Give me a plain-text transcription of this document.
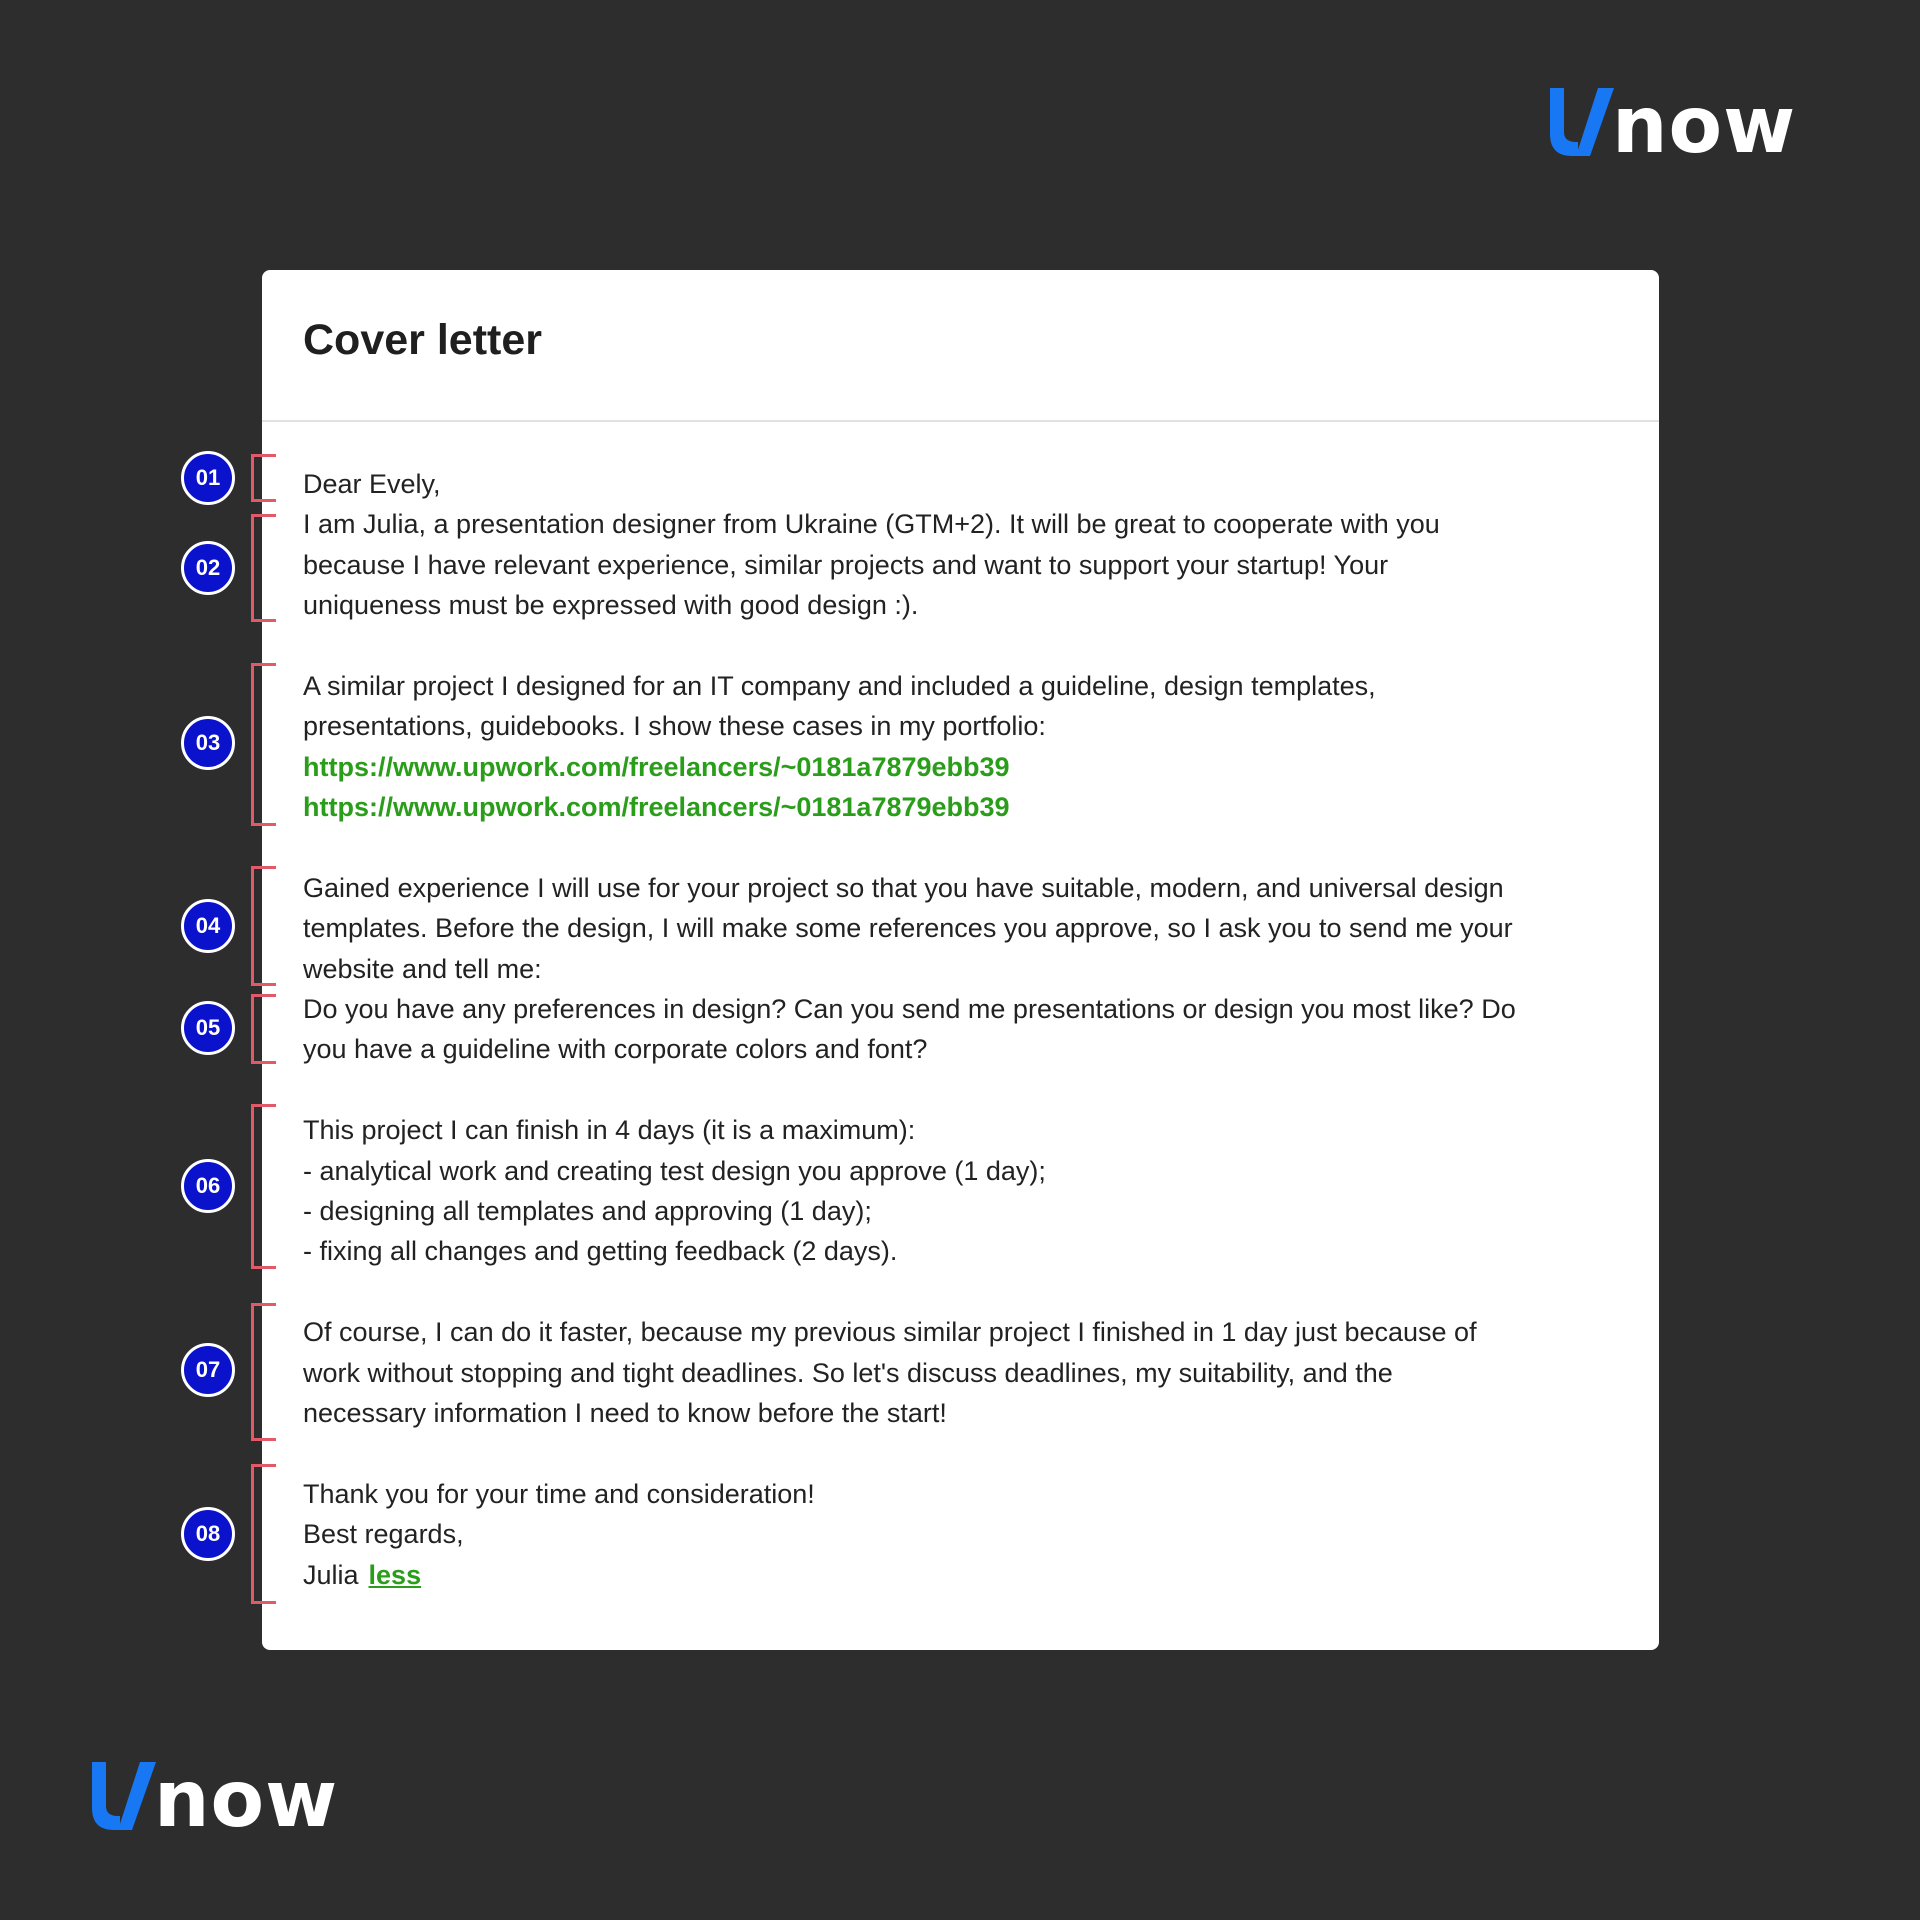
now
Cover letter
Dear Evely,
I am Julia, a presentation designer from Ukraine (GTM+2). It will be great to cooperate with you
because I have relevant experience, similar projects and want to support your startup! Your
uniqueness must be expressed with good design :).
A similar project I designed for an IT company and included a guideline, design templates,
presentations, guidebooks. I show these cases in my portfolio:
https://www.upwork.com/freelancers/~0181a7879ebb39
https://www.upwork.com/freelancers/~0181a7879ebb39
Gained experience I will use for your project so that you have suitable, modern, and universal design
templates. Before the design, I will make some references you approve, so I ask you to send me your
website and tell me:
Do you have any preferences in design? Can you send me presentations or design you most like? Do
you have a guideline with corporate colors and font?
This project I can finish in 4 days (it is a maximum):
- analytical work and creating test design you approve (1 day);
- designing all templates and approving (1 day);
- fixing all changes and getting feedback (2 days).
Of course, I can do it faster, because my previous similar project I finished in 1 day just because of
work without stopping and tight deadlines. So let's discuss deadlines, my suitability, and the
necessary information I need to know before the start!
Thank you for your time and consideration!
Best regards,
Julia less
01
02
03
04
05
06
07
08
now
